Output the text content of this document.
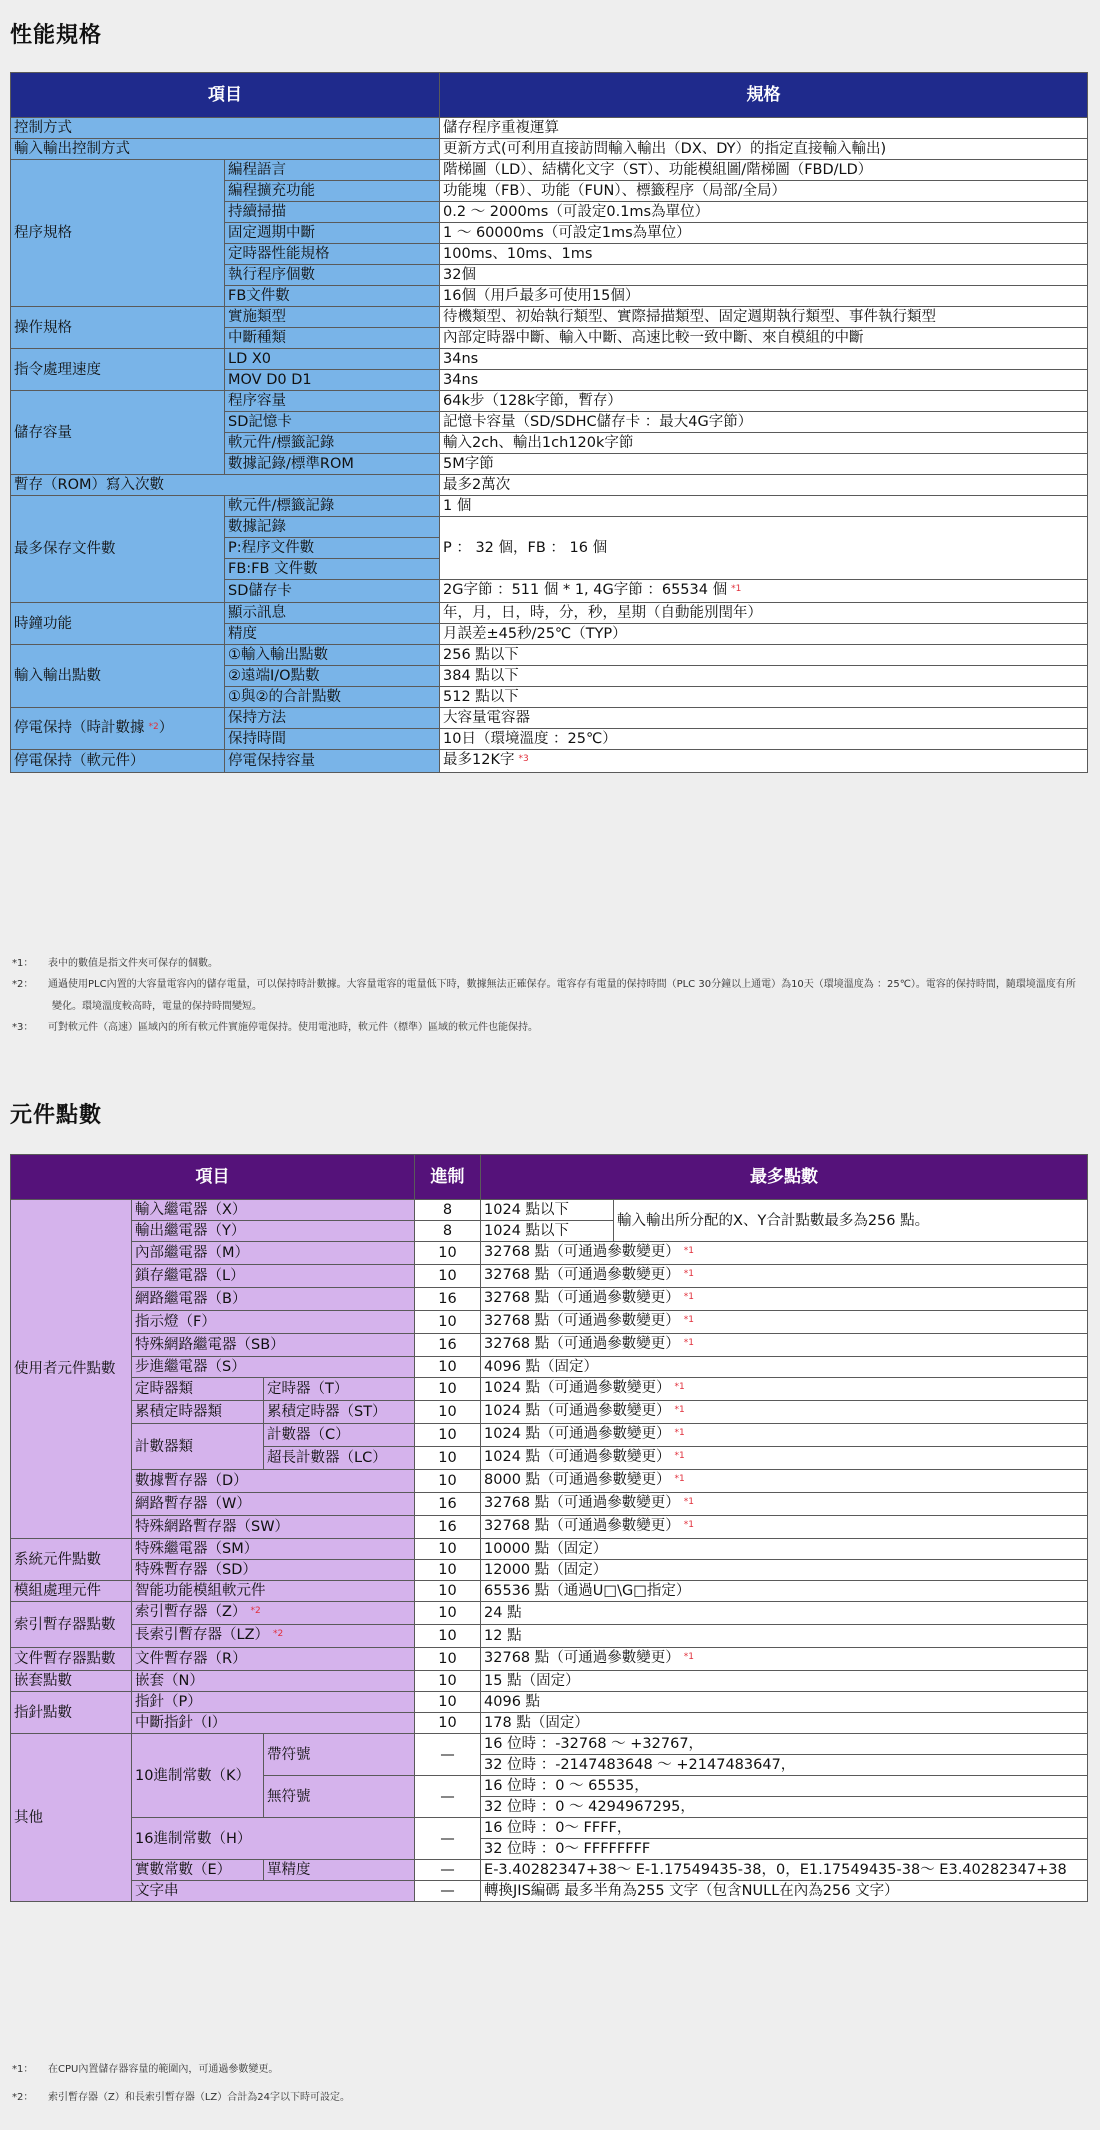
性能規格
項目		規格
控制方式		儲存程序重複運算
輸入輸出控制方式		更新方式(可利用直接訪問輸入輸出（DX、DY）的指定直接輸入輸出)
程序規格	編程語言	階梯圖（LD）、結構化文字（ST）、功能模組圖/階梯圖（FBD/LD）
	編程擴充功能	功能塊（FB）、功能（FUN）、標籤程序（局部/全局）
	持續掃描	0.2 ～ 2000ms（可設定0.1ms為單位）
	固定週期中斷	1 ～ 60000ms（可設定1ms為單位）
	定時器性能規格	100ms、10ms、1ms
	執行程序個數	32個
	FB文件數	16個（用戶最多可使用15個）
操作規格	實施類型	待機類型、初始執行類型、實際掃描類型、固定週期執行類型、事件執行類型
	中斷種類	內部定時器中斷、輸入中斷、高速比較一致中斷、來自模組的中斷
指令處理速度	LD X0	34ns
	MOV D0 D1	34ns
儲存容量	程序容量	64k步（128k字節，暫存）
	SD記憶卡	記憶卡容量（SD/SDHC儲存卡 ：最大4G字節）
	軟元件/標籤記錄	輸入2ch、輸出1ch120k字節
	數據記錄/標準ROM	5M字節
暫存（ROM）寫入次數		最多2萬次
最多保存文件數	軟元件/標籤記錄	1 個
	數據記錄	P ： 32 個，FB ： 16 個
	P:程序文件數	
	FB:FB 文件數	
	SD儲存卡	2G字節 ：511 個 * 1, 4G字節 ：65534 個 $^{*1}$
時鐘功能	顯示訊息	年，月，日，時，分，秒，星期（自動能別閏年）
	精度	月誤差±45秒/25℃（TYP）
輸入輸出點數	①輸入輸出點數	256 點以下
	②遠端I/O點數	384 點以下
	①與②的合計點數	512 點以下
停電保持（時計數據 $^{*2}$）	保持方法	大容量電容器
	保持時間	10日（環境溫度 ：25℃）
停電保持（軟元件）	停電保持容量	最多12K字 $^{*3}$
*1： 表中的數值是指文件夾可保存的個數。
*2： 通過使用PLC內置的大容量電容內的儲存電量，可以保持時計數據。大容量電容的電量低下時，數據無法正確保存。電容存有電量的保持時間（PLC 30分鐘以上通電）為10天（環境溫度為 ：25℃）。電容的保持時間，隨環境溫度有所
變化。環境溫度較高時，電量的保持時間變短。
*3： 可對軟元件（高速）區域內的所有軟元件實施停電保持。使用電池時，軟元件（標準）區域的軟元件也能保持。
元件點數
項目			進制	最多點數	
使用者元件點數	輸入繼電器（X）		8	1024 點以下	輸入輸出所分配的X、Y合計點數最多為256 點。
	輸出繼電器（Y）		8	1024 點以下	
	內部繼電器（M）		10	32768 點（可通過參數變更） $^{*1}$
	鎖存繼電器（L）		10	32768 點（可通過參數變更） $^{*1}$
	網路繼電器（B）		16	32768 點（可通過參數變更） $^{*1}$
	指示燈（F）		10	32768 點（可通過參數變更） $^{*1}$
	特殊網路繼電器（SB）		16	32768 點（可通過參數變更） $^{*1}$
	步進繼電器（S）		10	4096 點（固定）	
	定時器類	定時器（T）	10	1024 點（可通過參數變更） $^{*1}$
	累積定時器類	累積定時器（ST）	10	1024 點（可通過參數變更） $^{*1}$
	計數器類	計數器（C）	10	1024 點（可通過參數變更） $^{*1}$
		超長計數器（LC）	10	1024 點（可通過參數變更） $^{*1}$
	數據暫存器（D）		10	8000 點（可通過參數變更） $^{*1}$
	網路暫存器（W）		16	32768 點（可通過參數變更） $^{*1}$
	特殊網路暫存器（SW）		16	32768 點（可通過參數變更） $^{*1}$
系統元件點數	特殊繼電器（SM）		10	10000 點（固定）	
	特殊暫存器（SD）		10	12000 點（固定）	
模組處理元件	智能功能模組軟元件		10	65536 點（通過U□\G□指定）	
索引暫存器點數	索引暫存器（Z） $^{*2}$		10	24 點	
	長索引暫存器（LZ） $^{*2}$		10	12 點	
文件暫存器點數	文件暫存器（R）		10	32768 點（可通過參數變更） $^{*1}$
嵌套點數	嵌套（N）		10	15 點（固定）	
指針點數	指針（P）		10	4096 點	
	中斷指針（I）		10	178 點（固定）	
其他	10進制常數（K）	帶符號	—	16 位時 ：-32768 ～ +32767，	
				32 位時 ：-2147483648 ～ +2147483647，	
		無符號	—	16 位時 ：0 ～ 65535，	
				32 位時 ：0 ～ 4294967295，	
	16進制常數（H）		—	16 位時 ：0～ FFFF，	
				32 位時 ：0～ FFFFFFFF	
	實數常數（E）	單精度	—	E-3.40282347+38～ E-1.17549435-38，0，E1.17549435-38～ E3.40282347+38	
	文字串		—	轉換JIS編碼 最多半角為255 文字（包含NULL在內為256 文字）	
*1： 在CPU內置儲存器容量的範圍內，可通過參數變更。
*2： 索引暫存器（Z）和長索引暫存器（LZ）合計為24字以下時可設定。
